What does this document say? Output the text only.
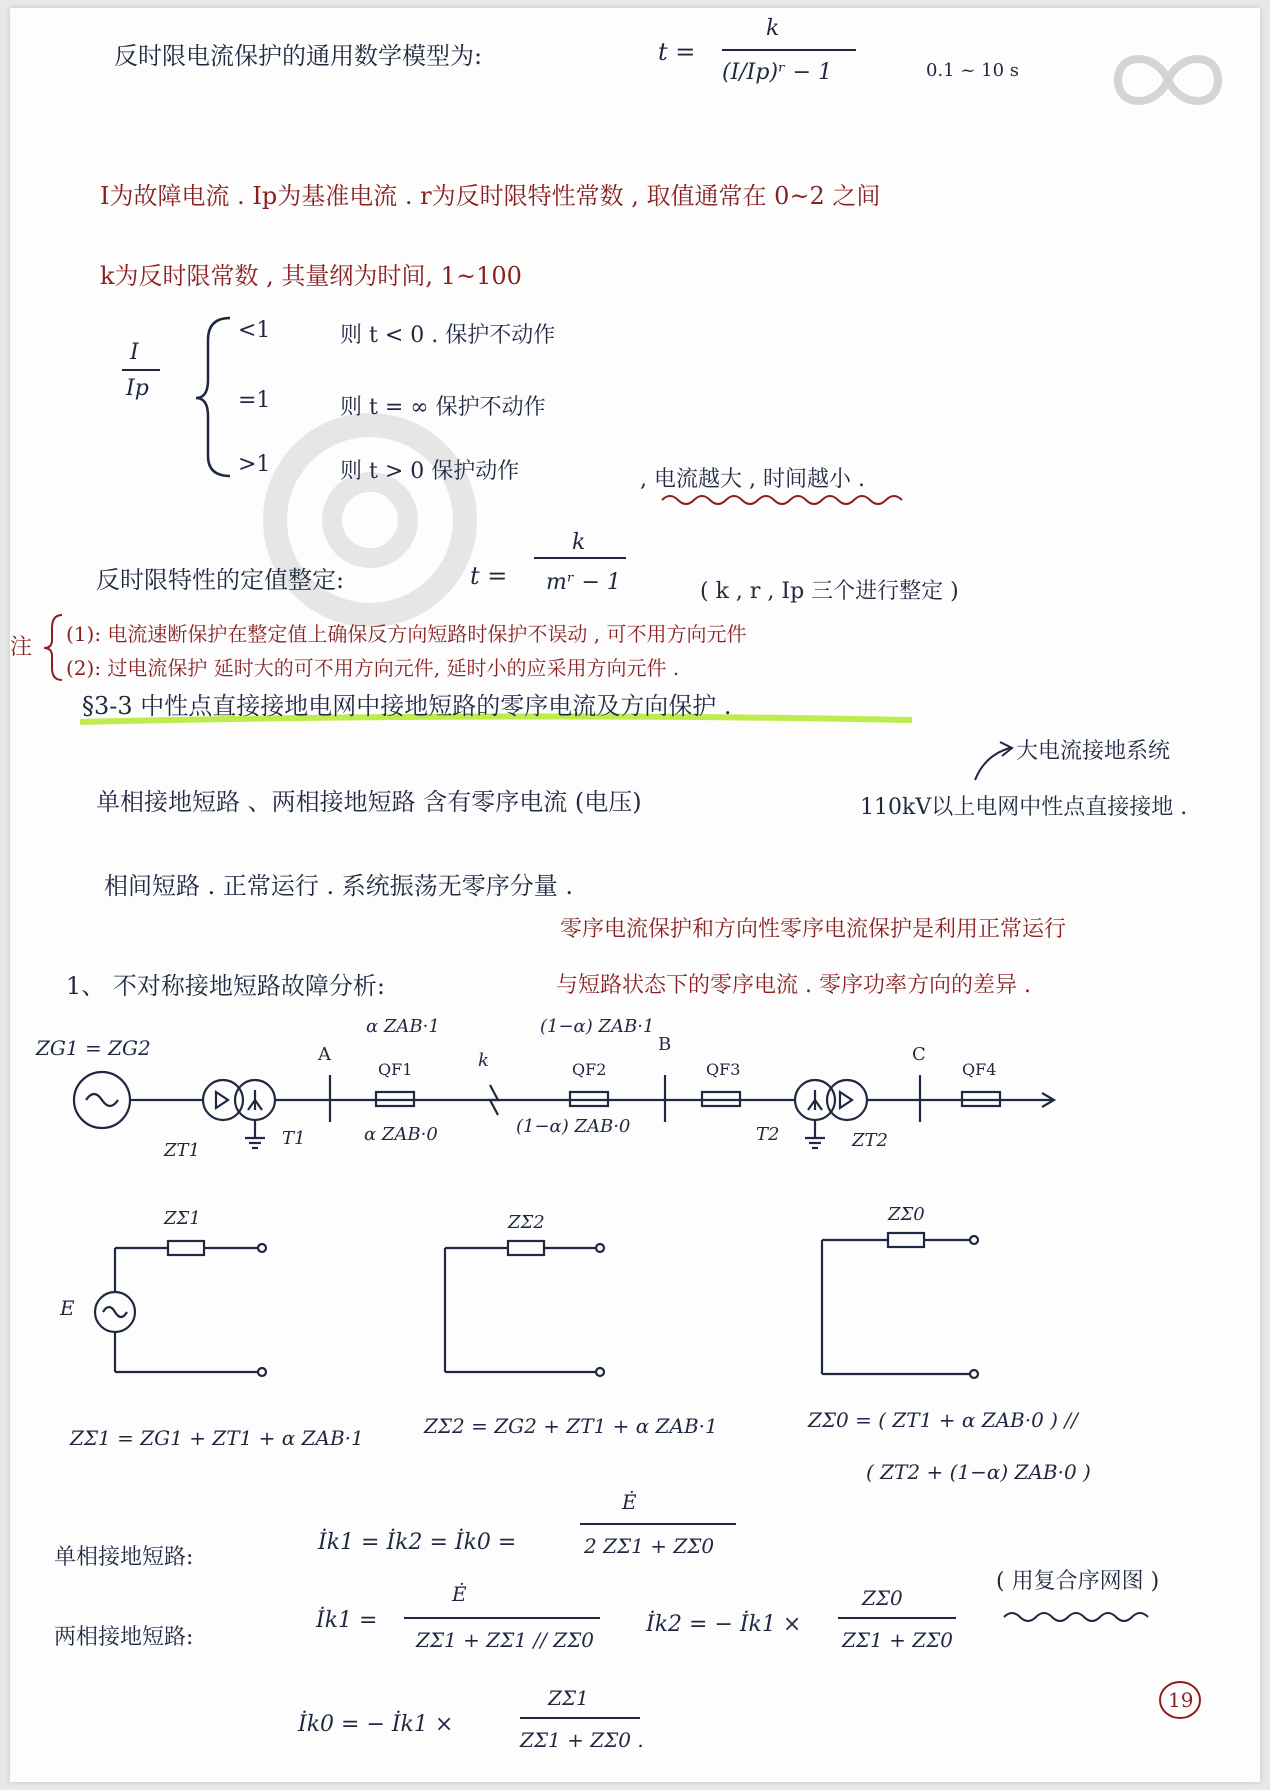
反时限电流保护的通用数学模型为:	t =
k
(I/Ip)ʳ − 1	0.1 ~ 10 s
I为故障电流 . Ip为基准电流 . r为反时限特性常数 , 取值通常在 0~2 之间
k为反时限常数 , 其量纲为时间, 1~100
I
Ip
<1	则 t < 0 . 保护不动作
=1	则 t = ∞ 保护不动作
>1	则 t > 0 保护动作	, 电流越大 , 时间越小 .
反时限特性的定值整定:	t =
k
mʳ − 1	( k , r , Ip 三个进行整定 )
注
(1): 电流速断保护在整定值上确保反方向短路时保护不误动 , 可不用方向元件
(2): 过电流保护 延时大的可不用方向元件, 延时小的应采用方向元件 .
§3-3 中性点直接接地电网中接地短路的零序电流及方向保护 .
大电流接地系统
单相接地短路 、两相接地短路 含有零序电流 (电压)	110kV以上电网中性点直接接地 .
相间短路 . 正常运行 . 系统振荡无零序分量 .
零序电流保护和方向性零序电流保护是利用正常运行
与短路状态下的零序电流 . 零序功率方向的差异 .
1、 不对称接地短路故障分析:
ZG1 = ZG2
α ZAB·1	(1−α) ZAB·1
A	k
B	C
QF1	QF2	QF3	QF4
α ZAB·0	(1−α) ZAB·0
ZT1
T1	T2	ZT2
ZΣ1
E
ZΣ2	ZΣ0
ZΣ1 = ZG1 + ZT1 + α ZAB·1	ZΣ2 = ZG2 + ZT1 + α ZAB·1	ZΣ0 = ( ZT1 + α ZAB·0 ) //
( ZT2 + (1−α) ZAB·0 )
单相接地短路:
İk1 = İk2 = İk0 =
Ė
2 ZΣ1 + ZΣ0
两相接地短路:
İk1 =
Ė
ZΣ1 + ZΣ1 // ZΣ0
İk2 = − İk1 ×
ZΣ0
ZΣ1 + ZΣ0
( 用复合序网图 )
İk0 = − İk1 ×
ZΣ1
ZΣ1 + ZΣ0 .
19
